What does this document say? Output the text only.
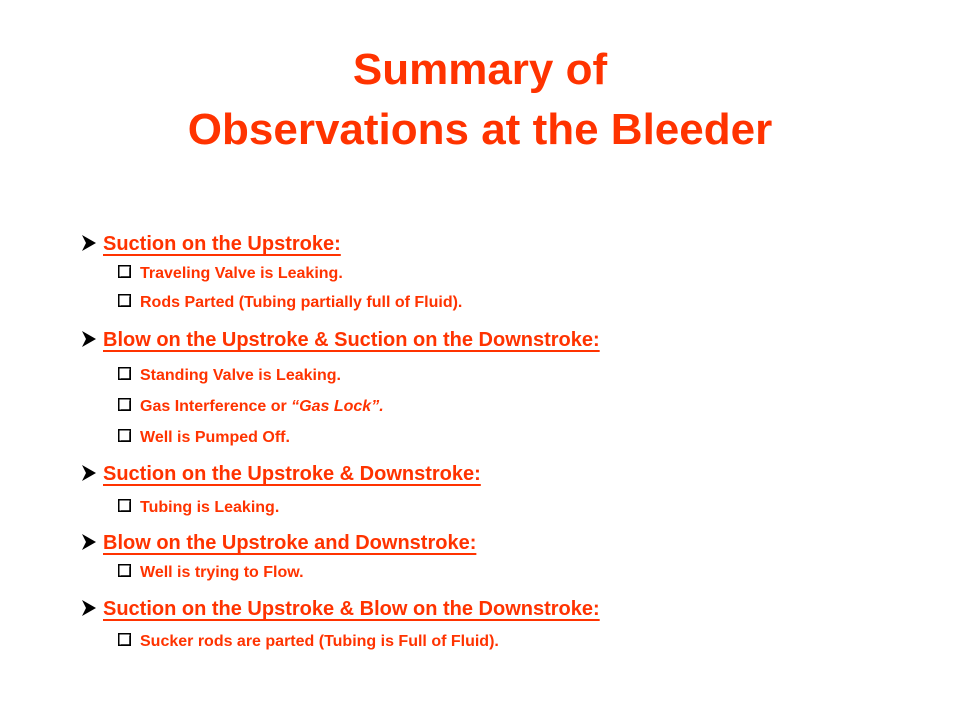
Summary of
Observations at the Bleeder
Suction on the Upstroke:
Traveling Valve is Leaking.
Rods Parted (Tubing partially full of Fluid).
Blow on the Upstroke & Suction on the Downstroke:
Standing Valve is Leaking.
Gas Interference or “Gas Lock”.
Well is Pumped Off.
Suction on the Upstroke & Downstroke:
Tubing is Leaking.
Blow on the Upstroke and Downstroke:
Well is trying to Flow.
Suction on the Upstroke & Blow on the Downstroke:
Sucker rods are parted (Tubing is Full of Fluid).
